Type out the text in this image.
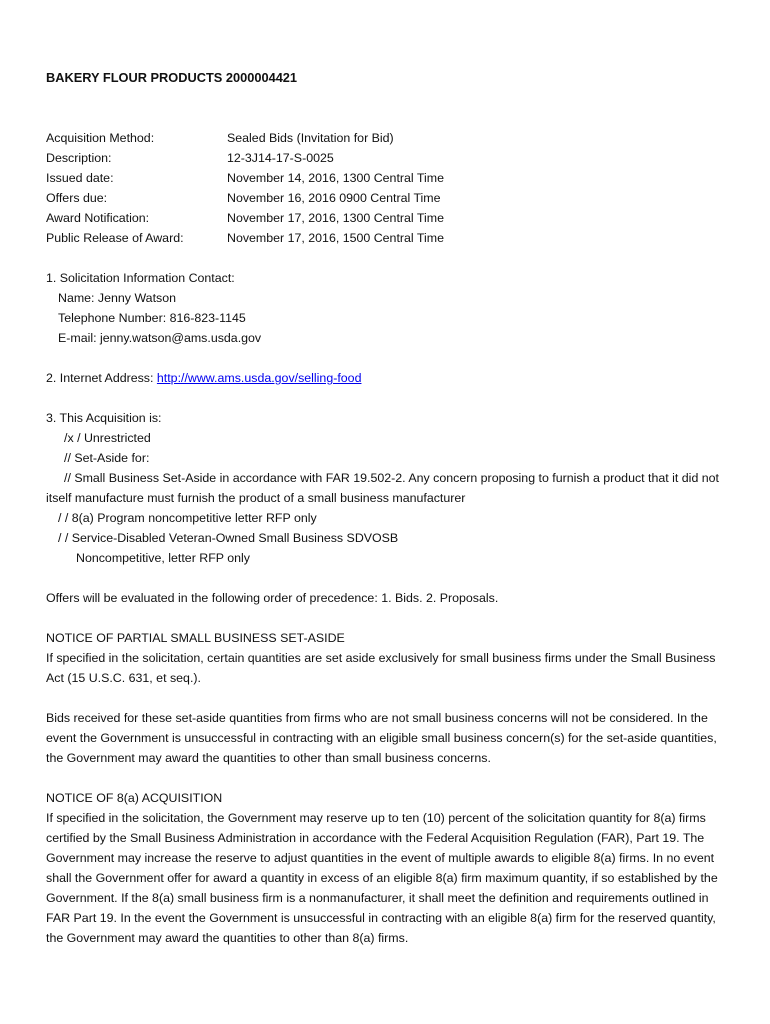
BAKERY FLOUR PRODUCTS 2000004421
Acquisition Method:	Sealed Bids (Invitation for Bid)
Description:	12-3J14-17-S-0025
Issued date:	November 14, 2016, 1300 Central Time
Offers due:	November 16, 2016 0900 Central Time
Award Notification:	November 17, 2016, 1300 Central Time
Public Release of Award:	November 17, 2016, 1500 Central Time
1. Solicitation Information Contact:
Name: Jenny Watson
Telephone Number: 816-823-1145
E-mail: jenny.watson@ams.usda.gov
2. Internet Address: http://www.ams.usda.gov/selling-food
3. This Acquisition is:
/x / Unrestricted
// Set-Aside for:

// Small Business Set-Aside in accordance with FAR 19.502-2. Any concern proposing to furnish a product that it did not itself manufacture must furnish the product of a small business manufacturer

/ / 8(a) Program noncompetitive letter RFP only
/ / Service-Disabled Veteran-Owned Small Business SDVOSB
Noncompetitive, letter RFP only
Offers will be evaluated in the following order of precedence: 1. Bids. 2. Proposals.
NOTICE OF PARTIAL SMALL BUSINESS SET-ASIDE

If specified in the solicitation, certain quantities are set aside exclusively for small business firms under the Small Business Act (15 U.S.C. 631, et seq.).

Bids received for these set-aside quantities from firms who are not small business concerns will not be considered. In the event the Government is unsuccessful in contracting with an eligible small business concern(s) for the set-aside quantities, the Government may award the quantities to other than small business concerns.

NOTICE OF 8(a) ACQUISITION

If specified in the solicitation, the Government may reserve up to ten (10) percent of the solicitation quantity for 8(a) firms certified by the Small Business Administration in accordance with the Federal Acquisition Regulation (FAR), Part 19. The Government may increase the reserve to adjust quantities in the event of multiple awards to eligible 8(a) firms. In no event shall the Government offer for award a quantity in excess of an eligible 8(a) firm maximum quantity, if so established by the Government. If the 8(a) small business firm is a nonmanufacturer, it shall meet the definition and requirements outlined in FAR Part 19. In the event the Government is unsuccessful in contracting with an eligible 8(a) firm for the reserved quantity, the Government may award the quantities to other than 8(a) firms.
